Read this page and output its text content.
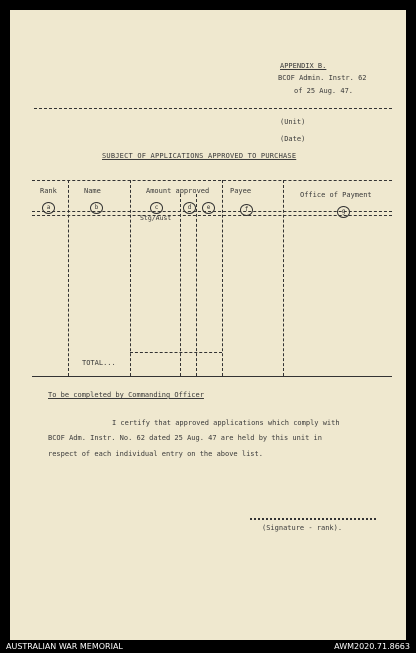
APPENDIX B.
BCOF Admin. Instr. 62
of 25 Aug. 47.
(Unit)
(Date)
SUBJECT OF APPLICATIONS APPROVED TO PURCHASE
Rank	Name	Amount approved	Payee	Office of Payment
Stg/Aust
a	b	c	d	e	f	g
TOTAL...
To be completed by Commanding Officer
I certify that approved applications which comply with
BCOF Adm. Instr. No. 62 dated 25 Aug. 47 are held by this unit in
respect of each individual entry on the above list.
(Signature - rank).
AUSTRALIAN WAR MEMORIAL	AWM2020.71.8663
